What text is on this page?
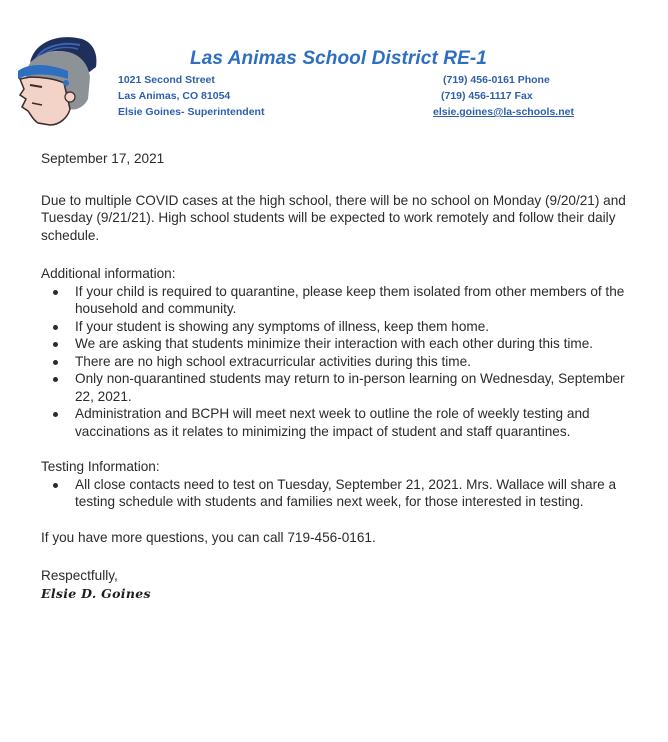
Las Animas School District RE-1
1021 Second Street
Las Animas, CO 81054
Elsie Goines- Superintendent
(719) 456-0161 Phone
(719) 456-1117 Fax
elsie.goines@la-schools.net

September 17, 2021

Due to multiple COVID cases at the high school, there will be no school on Monday (9/20/21) and Tuesday (9/21/21). High school students will be expected to work remotely and follow their daily schedule.

Additional information:

If your child is required to quarantine, please keep them isolated from other members of the household and community.
If your student is showing any symptoms of illness, keep them home.
We are asking that students minimize their interaction with each other during this time.
There are no high school extracurricular activities during this time.
Only non-quarantined students may return to in-person learning on Wednesday, September 22, 2021.
Administration and BCPH will meet next week to outline the role of weekly testing and vaccinations as it relates to minimizing the impact of student and staff quarantines.

Testing Information:

All close contacts need to test on Tuesday, September 21, 2021. Mrs. Wallace will share a testing schedule with students and families next week, for those interested in testing.

If you have more questions, you can call 719-456-0161.

Respectfully,

Elsie D. Goines
